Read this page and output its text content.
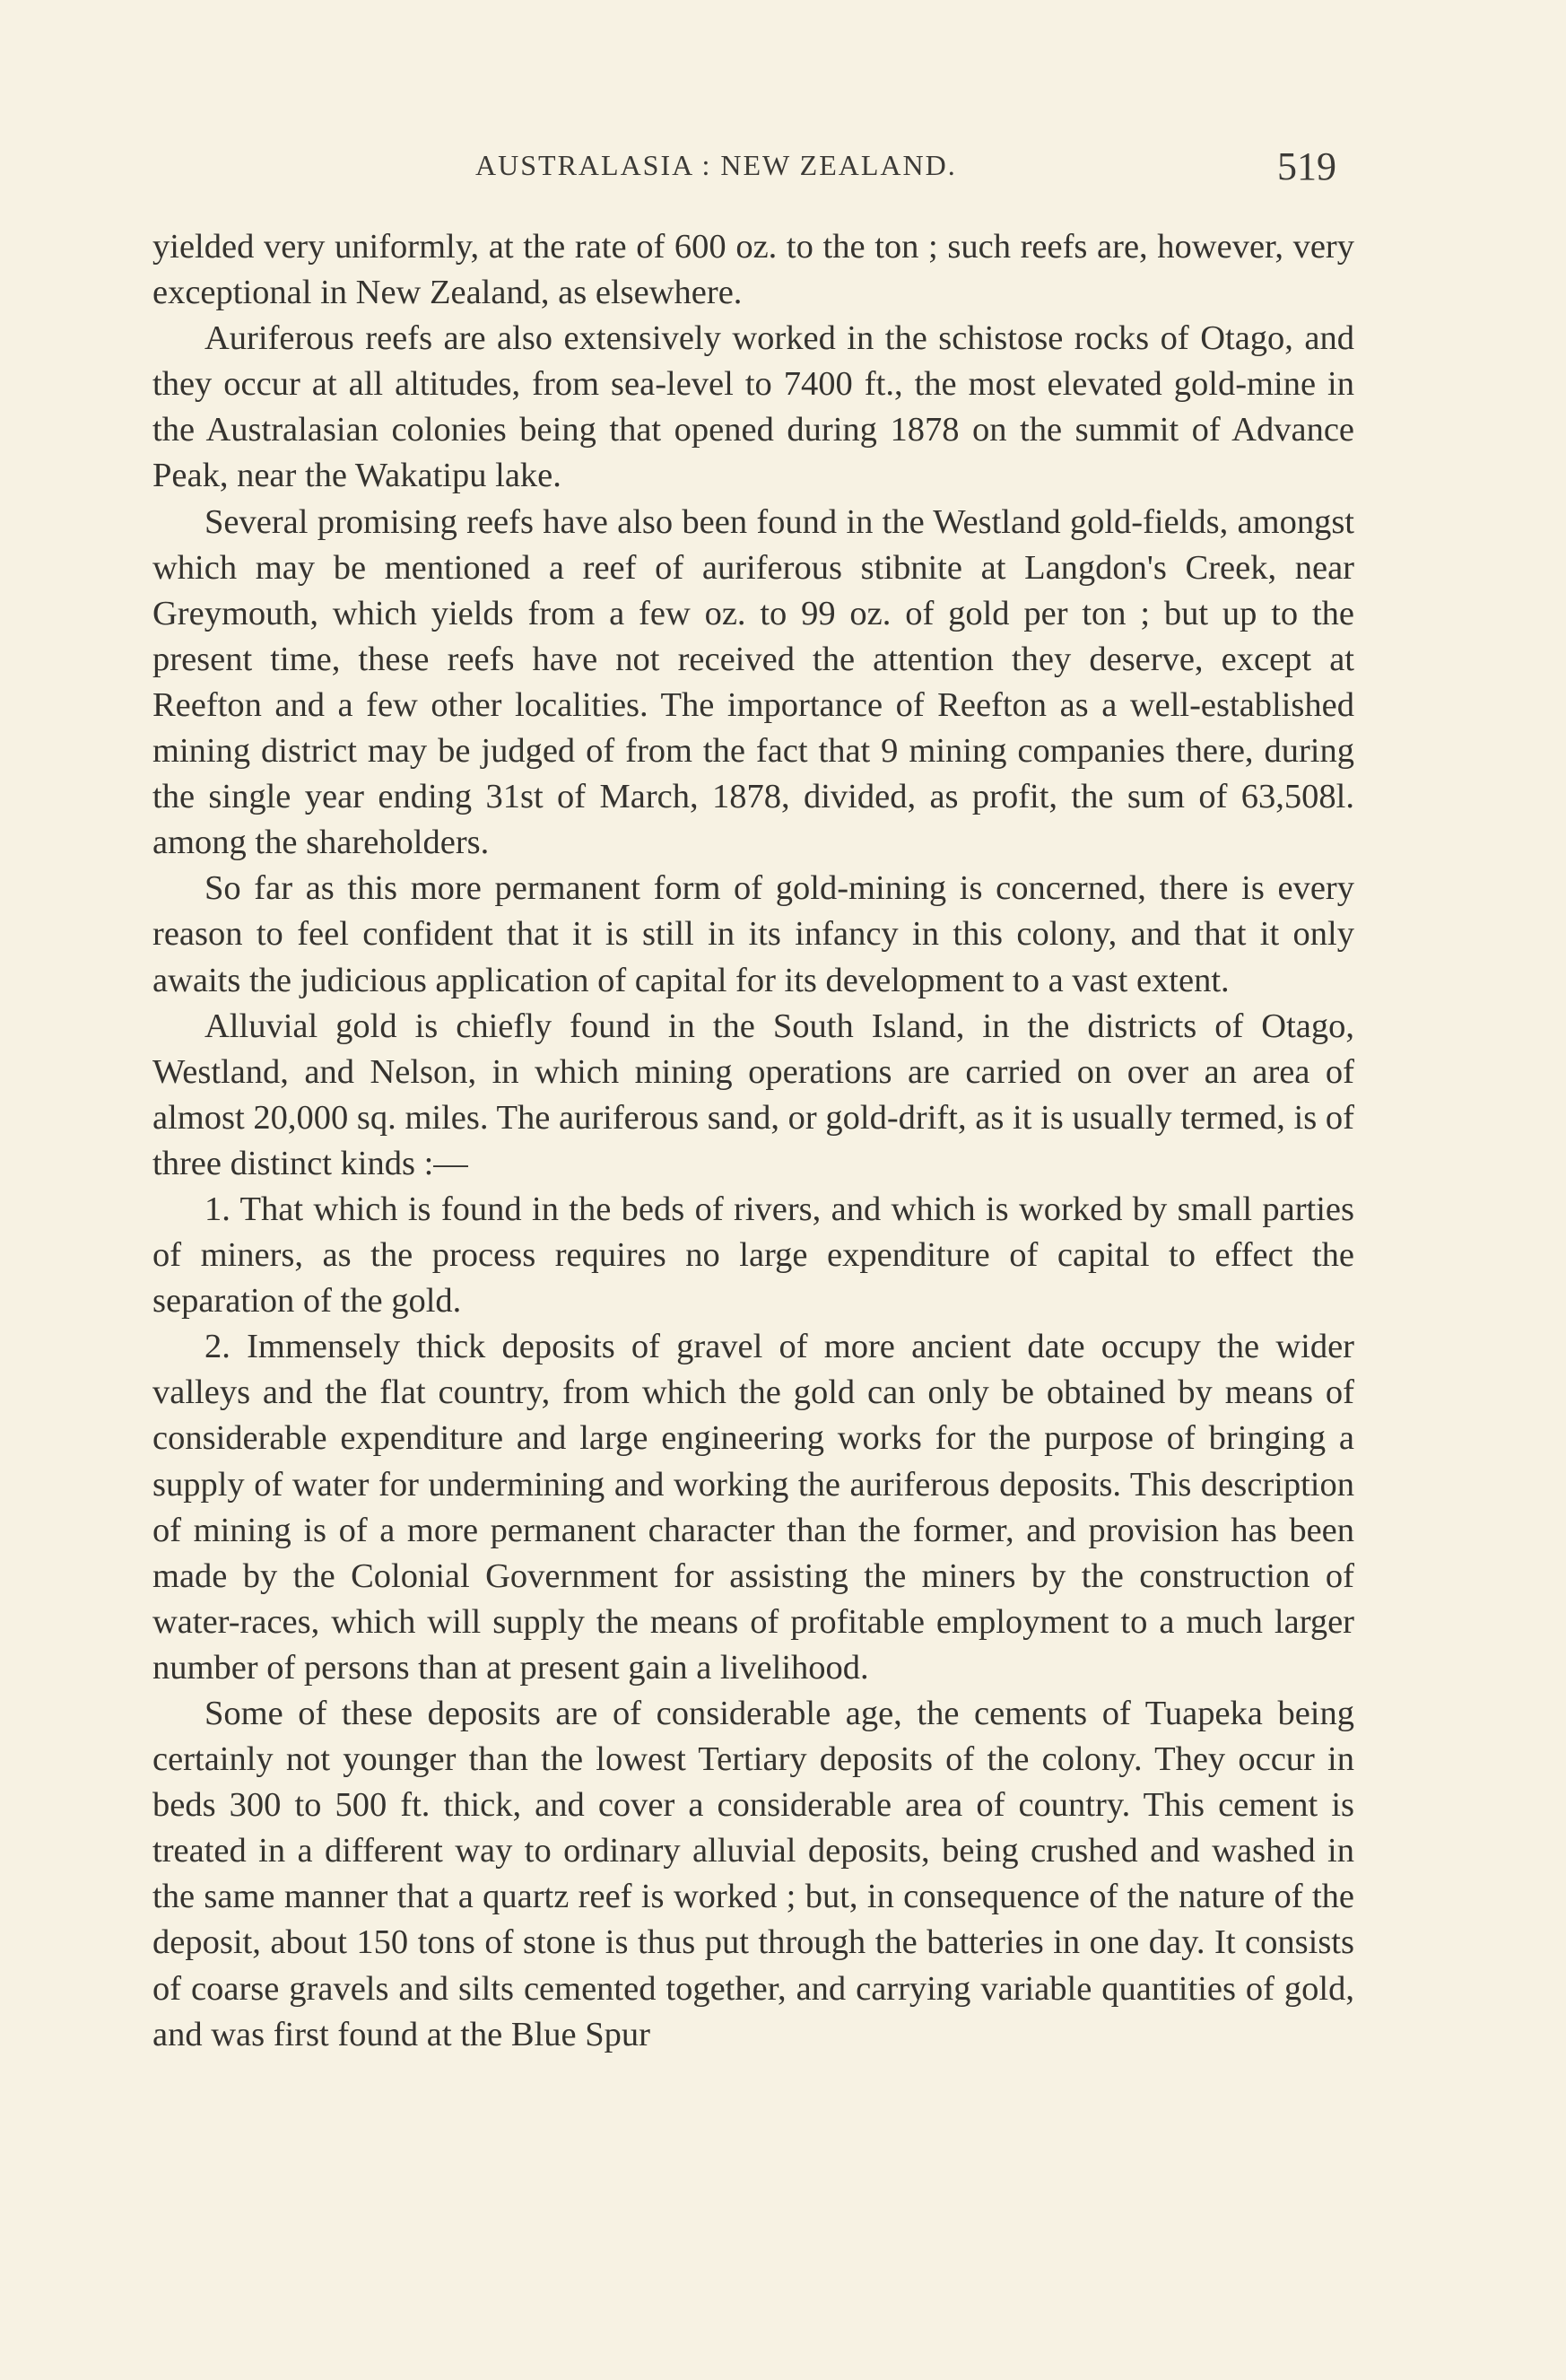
AUSTRALASIA : NEW ZEALAND.	519

yielded very uniformly, at the rate of 600 oz. to the ton ; such reefs are, however, very exceptional in New Zealand, as elsewhere.

Auriferous reefs are also extensively worked in the schistose rocks of Otago, and they occur at all altitudes, from sea-level to 7400 ft., the most elevated gold-mine in the Australasian colonies being that opened during 1878 on the summit of Advance Peak, near the Wakatipu lake.

Several promising reefs have also been found in the Westland gold-fields, amongst which may be mentioned a reef of auriferous stibnite at Langdon's Creek, near Greymouth, which yields from a few oz. to 99 oz. of gold per ton ; but up to the present time, these reefs have not received the attention they deserve, except at Reefton and a few other localities. The importance of Reefton as a well-established mining district may be judged of from the fact that 9 mining companies there, during the single year ending 31st of March, 1878, divided, as profit, the sum of 63,508l. among the shareholders.

So far as this more permanent form of gold-mining is concerned, there is every reason to feel confident that it is still in its infancy in this colony, and that it only awaits the judicious application of capital for its development to a vast extent.

Alluvial gold is chiefly found in the South Island, in the districts of Otago, Westland, and Nelson, in which mining operations are carried on over an area of almost 20,000 sq. miles. The auriferous sand, or gold-drift, as it is usually termed, is of three distinct kinds :—

1. That which is found in the beds of rivers, and which is worked by small parties of miners, as the process requires no large expenditure of capital to effect the separation of the gold.

2. Immensely thick deposits of gravel of more ancient date occupy the wider valleys and the flat country, from which the gold can only be obtained by means of considerable expenditure and large engineering works for the purpose of bringing a supply of water for undermining and working the auriferous deposits. This description of mining is of a more permanent character than the former, and provision has been made by the Colonial Government for assisting the miners by the construction of water-races, which will supply the means of profitable employment to a much larger number of persons than at present gain a livelihood.

Some of these deposits are of considerable age, the cements of Tuapeka being certainly not younger than the lowest Tertiary deposits of the colony. They occur in beds 300 to 500 ft. thick, and cover a considerable area of country. This cement is treated in a different way to ordinary alluvial deposits, being crushed and washed in the same manner that a quartz reef is worked ; but, in consequence of the nature of the deposit, about 150 tons of stone is thus put through the batteries in one day. It consists of coarse gravels and silts cemented together, and carrying variable quantities of gold, and was first found at the Blue Spur
